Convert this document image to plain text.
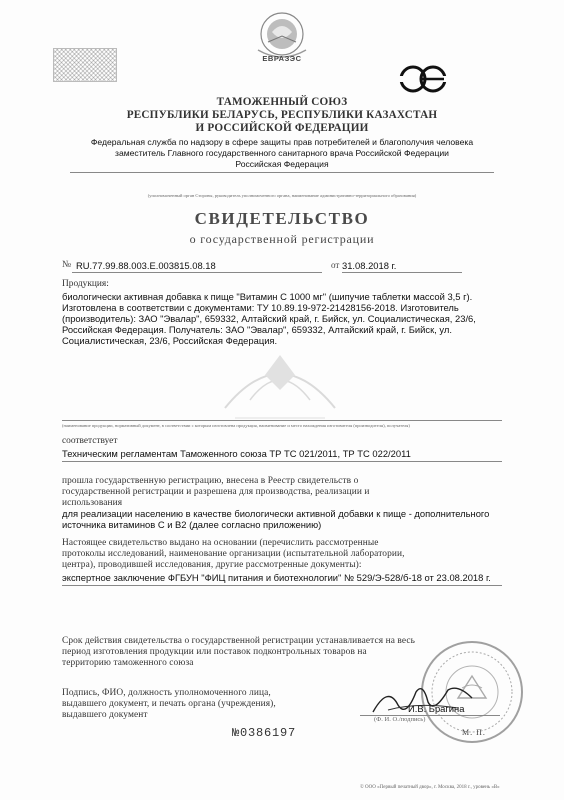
ЕВРАЗЭС
ТАМОЖЕННЫЙ СОЮЗ
РЕСПУБЛИКИ БЕЛАРУСЬ, РЕСПУБЛИКИ КАЗАХСТАН
И РОССИЙСКОЙ ФЕДЕРАЦИИ
Федеральная служба по надзору в сфере защиты прав потребителей и благополучия человека
заместитель Главного государственного санитарного врача Российской Федерации
Российская Федерация
(уполномоченный орган Стороны, руководитель уполномоченного органа, наименование административно-территориального образования)
СВИДЕТЕЛЬСТВО
о государственной регистрации
№ RU.77.99.88.003.Е.003815.08.18	от 31.08.2018 г.
Продукция:
биологически активная добавка к пище "Витамин С 1000 мг" (шипучие таблетки массой 3,5 г).
Изготовлена в соответствии с документами: ТУ 10.89.19-972-21428156-2018. Изготовитель
(производитель): ЗАО "Эвалар", 659332, Алтайский край, г. Бийск, ул. Социалистическая, 23/6,
Российская Федерация. Получатель: ЗАО "Эвалар", 659332, Алтайский край, г. Бийск, ул.
Социалистическая, 23/6, Российская Федерация.
(наименование продукции, нормативный документ, в соответствии с которым изготовлена продукция, наименование и место нахождения изготовителя (производителя), получателя)
соответствует
Техническим регламентам Таможенного союза ТР ТС 021/2011, ТР ТС 022/2011
прошла государственную регистрацию, внесена в Реестр свидетельств о
государственной регистрации и разрешена для производства, реализации и
использования
для реализации населению в качестве биологически активной добавки к пище - дополнительного
источника витаминов С и В2 (далее согласно приложению)
Настоящее свидетельство выдано на основании (перечислить рассмотренные
протоколы исследований, наименование организации (испытательной лаборатории,
центра), проводившей исследования, другие рассмотренные документы):
экспертное заключение ФГБУН "ФИЦ питания и биотехнологии" № 529/Э-528/б-18 от 23.08.2018 г.
Срок действия свидетельства о государственной регистрации устанавливается на весь
период изготовления продукции или поставок подконтрольных товаров на
территорию таможенного союза
Подпись, ФИО, должность уполномоченного лица,
выдавшего документ, и печать органа (учреждения),
выдавшего документ
И.В. Брагина
(Ф. И. О./подпись)
М. П.
№0386197
© ООО «Первый печатный двор», г. Москва, 2018 г., уровень «В»
